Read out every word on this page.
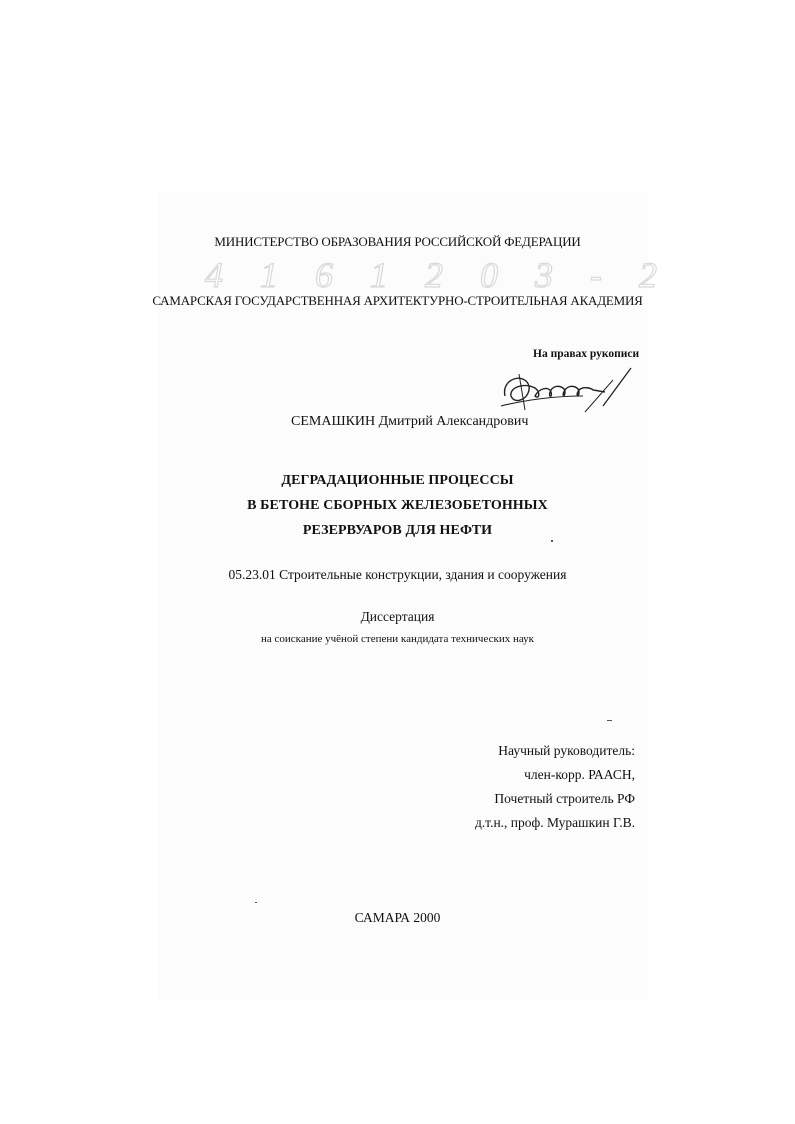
4 1 6 1 2 0 3 - 2
МИНИСТЕРСТВО ОБРАЗОВАНИЯ РОССИЙСКОЙ ФЕДЕРАЦИИ
САМАРСКАЯ ГОСУДАРСТВЕННАЯ АРХИТЕКТУРНО-СТРОИТЕЛЬНАЯ АКАДЕМИЯ
На правах рукописи
СЕМАШКИН Дмитрий Александрович
ДЕГРАДАЦИОННЫЕ ПРОЦЕССЫ
В БЕТОНЕ СБОРНЫХ ЖЕЛЕЗОБЕТОННЫХ
РЕЗЕРВУАРОВ ДЛЯ НЕФТИ
05.23.01 Строительные конструкции, здания и сооружения
Диссертация
на соискание учёной степени кандидата технических наук
Научный руководитель:
член-корр. РААСН,
Почетный строитель РФ
д.т.н., проф. Мурашкин Г.В.
САМАРА 2000
